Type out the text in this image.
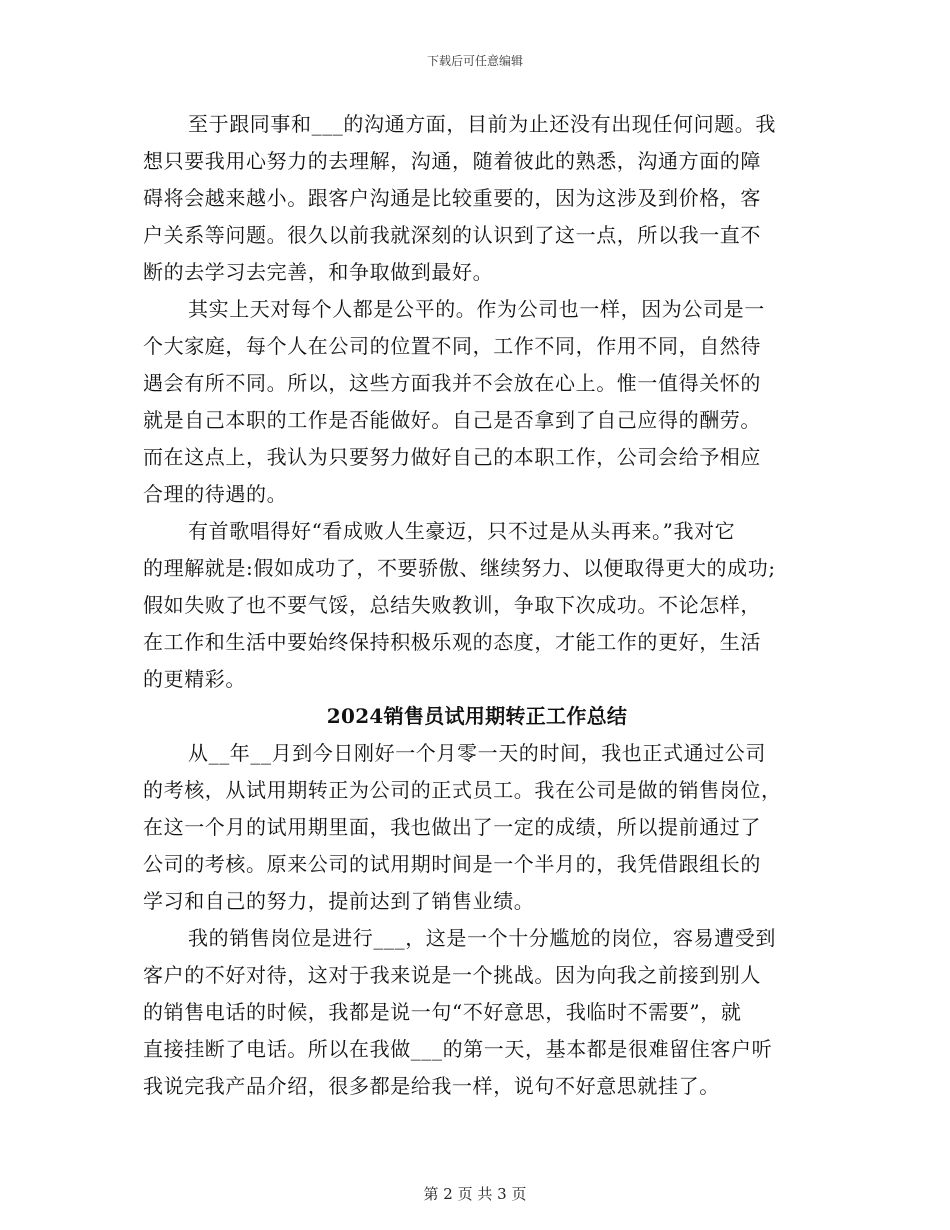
下载后可任意编辑
至于跟同事和___的沟通方面，目前为止还没有出现任何问题。我
想只要我用心努力的去理解，沟通，随着彼此的熟悉，沟通方面的障
碍将会越来越小。跟客户沟通是比较重要的，因为这涉及到价格，客
户关系等问题。很久以前我就深刻的认识到了这一点，所以我一直不
断的去学习去完善，和争取做到最好。
其实上天对每个人都是公平的。作为公司也一样，因为公司是一
个大家庭，每个人在公司的位置不同，工作不同，作用不同，自然待
遇会有所不同。所以，这些方面我并不会放在心上。惟一值得关怀的
就是自己本职的工作是否能做好。自己是否拿到了自己应得的酬劳。
而在这点上，我认为只要努力做好自己的本职工作，公司会给予相应
合理的待遇的。
有首歌唱得好“看成败人生豪迈，只不过是从头再来。”我对它
的理解就是:假如成功了，不要骄傲、继续努力、以便取得更大的成功;
假如失败了也不要气馁，总结失败教训，争取下次成功。不论怎样，
在工作和生活中要始终保持积极乐观的态度，才能工作的更好，生活
的更精彩。
2024销售员试用期转正工作总结
从__年__月到今日刚好一个月零一天的时间，我也正式通过公司
的考核，从试用期转正为公司的正式员工。我在公司是做的销售岗位，
在这一个月的试用期里面，我也做出了一定的成绩，所以提前通过了
公司的考核。原来公司的试用期时间是一个半月的，我凭借跟组长的
学习和自己的努力，提前达到了销售业绩。
我的销售岗位是进行___，这是一个十分尴尬的岗位，容易遭受到
客户的不好对待，这对于我来说是一个挑战。因为向我之前接到别人
的销售电话的时候，我都是说一句“不好意思，我临时不需要”，就
直接挂断了电话。所以在我做___的第一天，基本都是很难留住客户听
我说完我产品介绍，很多都是给我一样，说句不好意思就挂了。
第 2 页 共 3 页
